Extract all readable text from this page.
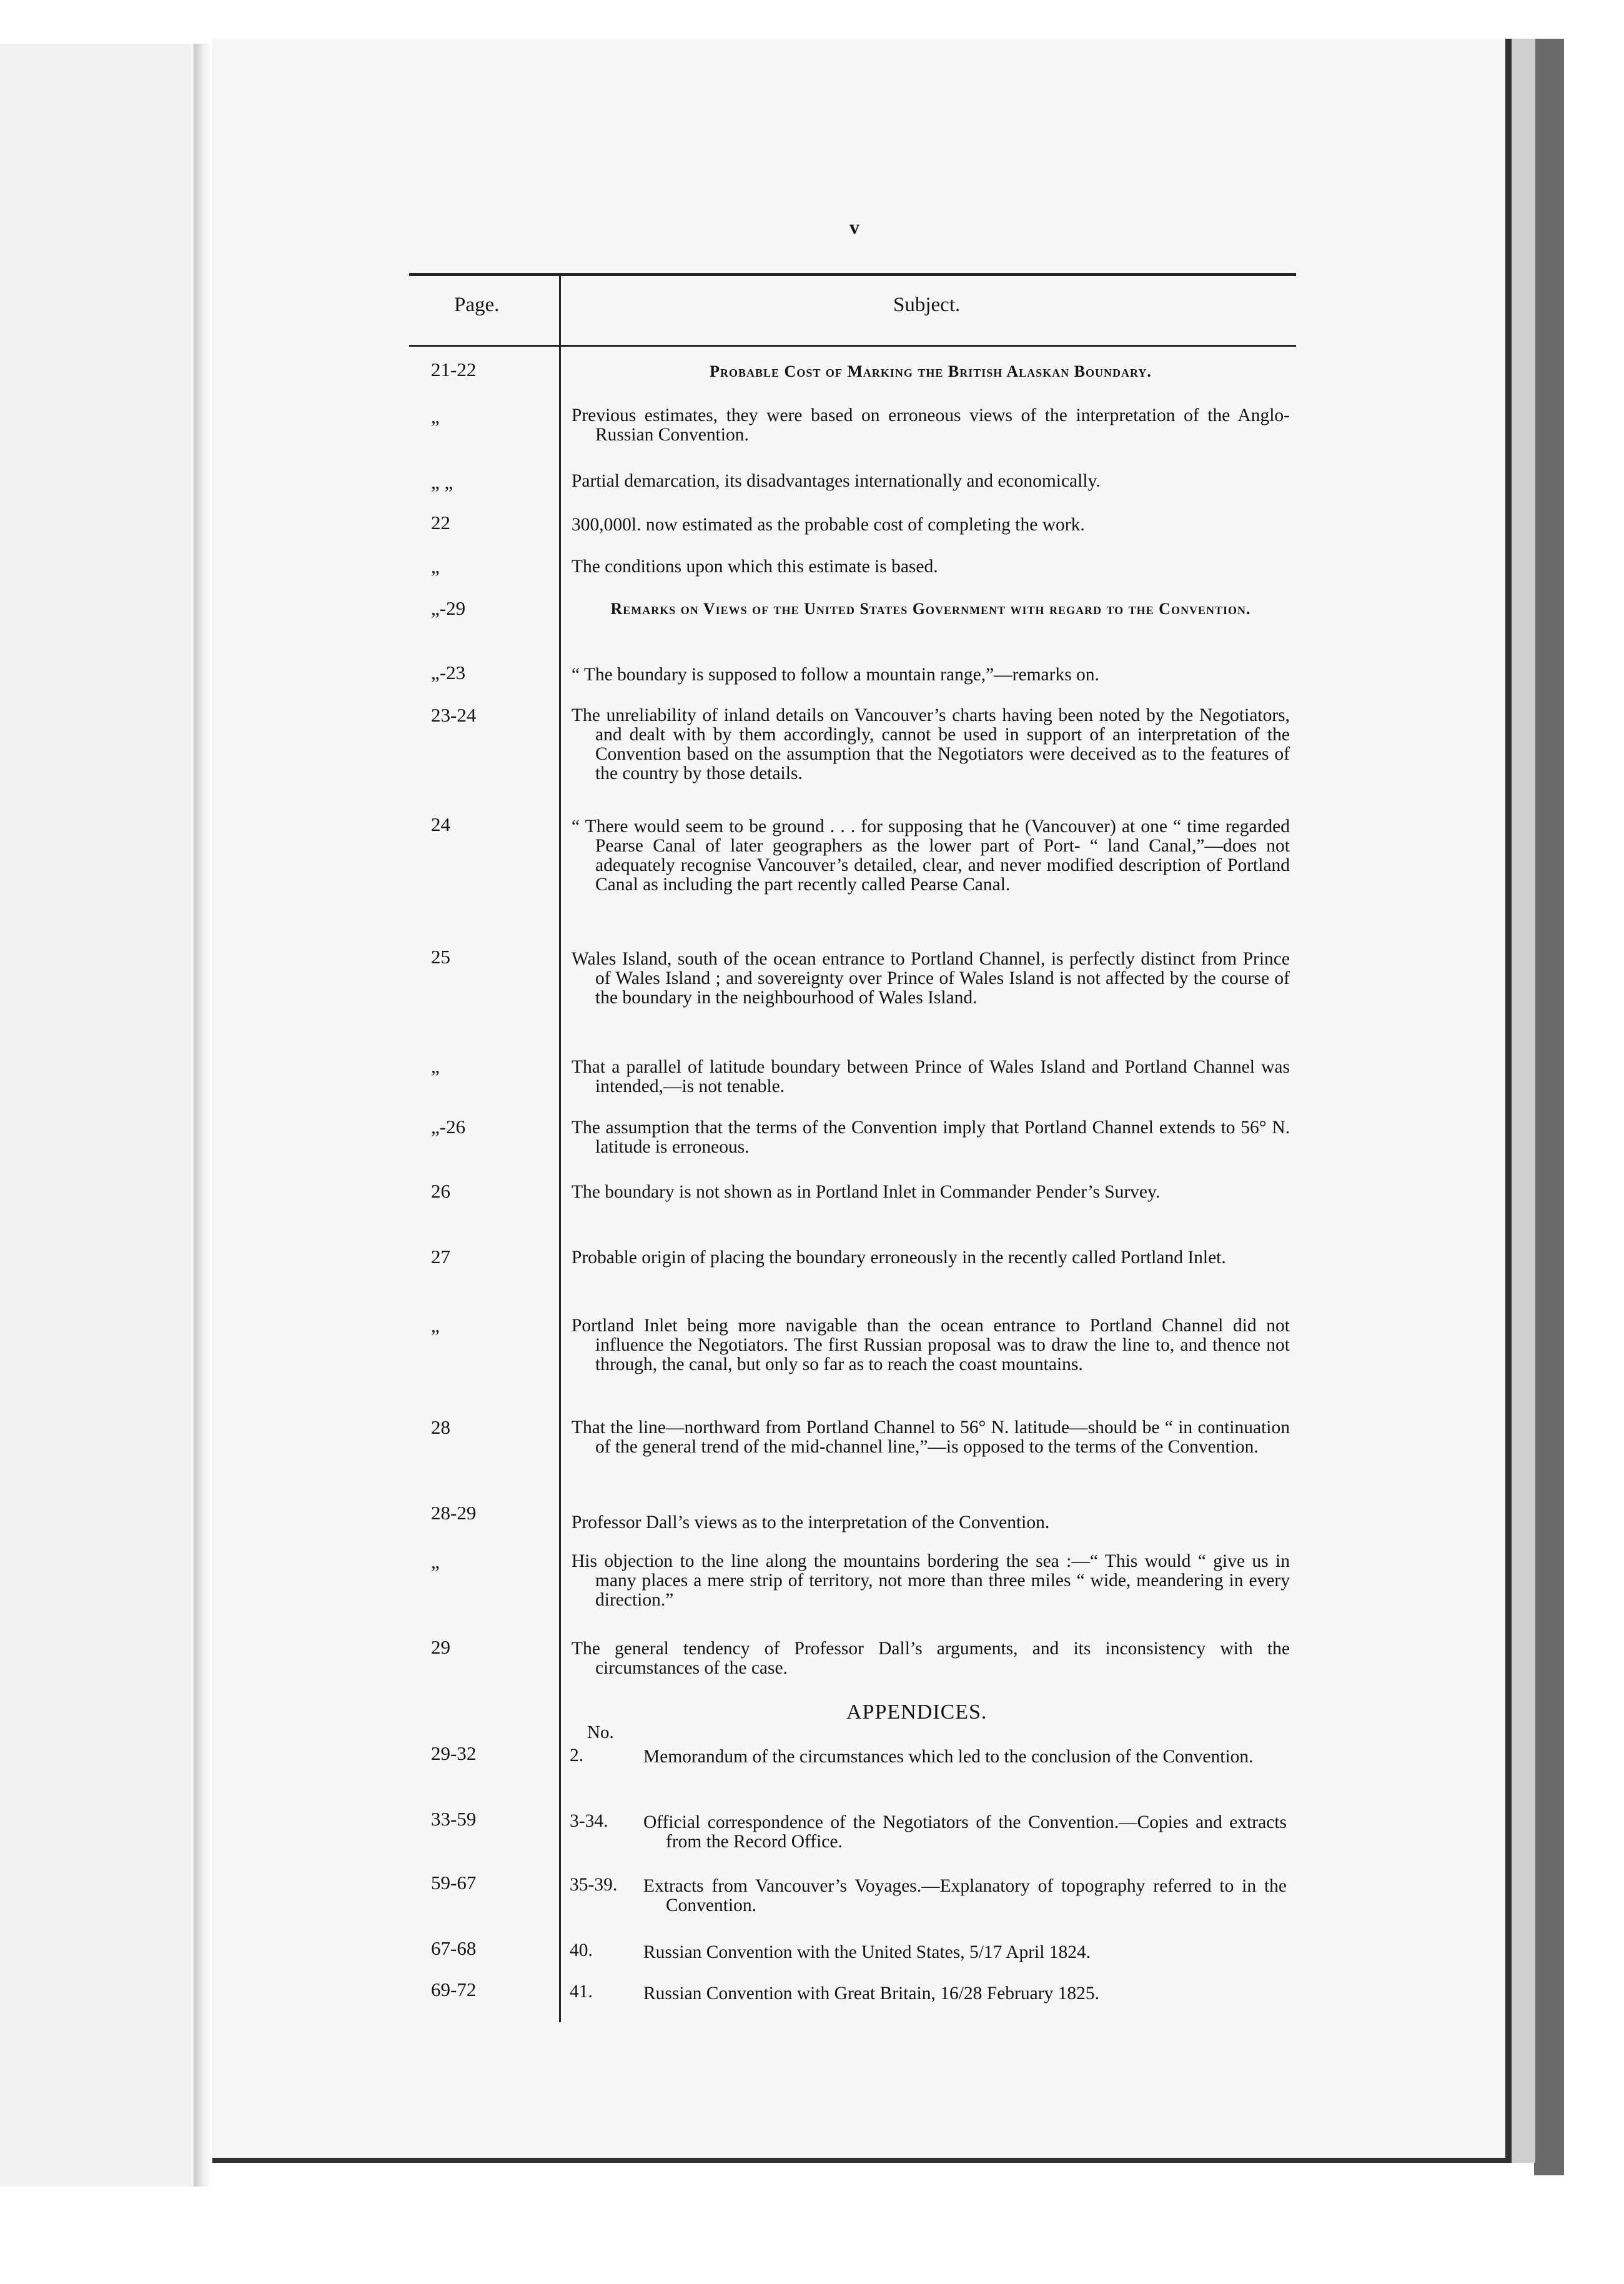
v
Page.	Subject.
21-22	Probable Cost of Marking the British Alaskan Boundary.
„	Previous estimates, they were based on erroneous views of the interpretation of the Anglo-Russian Convention.
„ „	Partial demarcation, its disadvantages internationally and economically.
22	300,000l. now estimated as the probable cost of completing the work.
„	The conditions upon which this estimate is based.
„-29	Remarks on Views of the United States Government with regard to the Convention.
„-23	“ The boundary is supposed to follow a mountain range,”—remarks on.
23-24	The unreliability of inland details on Vancouver’s charts having been noted by the Negotiators, and dealt with by them accordingly, cannot be used in support of an interpretation of the Convention based on the assumption that the Negotiators were deceived as to the features of the country by those details.
24	“ There would seem to be ground . . . for supposing that he (Vancouver) at one “ time regarded Pearse Canal of later geographers as the lower part of Port- “ land Canal,”—does not adequately recognise Vancouver’s detailed, clear, and never modified description of Portland Canal as including the part recently called Pearse Canal.
25	Wales Island, south of the ocean entrance to Portland Channel, is perfectly distinct from Prince of Wales Island ; and sovereignty over Prince of Wales Island is not affected by the course of the boundary in the neighbourhood of Wales Island.
„	That a parallel of latitude boundary between Prince of Wales Island and Portland Channel was intended,—is not tenable.
„-26	The assumption that the terms of the Convention imply that Portland Channel extends to 56° N. latitude is erroneous.
26	The boundary is not shown as in Portland Inlet in Commander Pender’s Survey.
27	Probable origin of placing the boundary erroneously in the recently called Portland Inlet.
„	Portland Inlet being more navigable than the ocean entrance to Portland Channel did not influence the Negotiators. The first Russian proposal was to draw the line to, and thence not through, the canal, but only so far as to reach the coast mountains.
28	That the line—northward from Portland Channel to 56° N. latitude—should be “ in continuation of the general trend of the mid-channel line,”—is opposed to the terms of the Convention.
28-29	Professor Dall’s views as to the interpretation of the Convention.
„	His objection to the line along the mountains bordering the sea :—“ This would “ give us in many places a mere strip of territory, not more than three miles “ wide, meandering in every direction.”
29	The general tendency of Professor Dall’s arguments, and its inconsistency with the circumstances of the case.
APPENDICES.
No.
29-32	2.	Memorandum of the circumstances which led to the conclusion of the Convention.
33-59	3-34.	Official correspondence of the Negotiators of the Convention.—Copies and extracts from the Record Office.
59-67	35-39.	Extracts from Vancouver’s Voyages.—Explanatory of topography referred to in the Convention.
67-68	40.	Russian Convention with the United States, 5/17 April 1824.
69-72	41.	Russian Convention with Great Britain, 16/28 February 1825.
